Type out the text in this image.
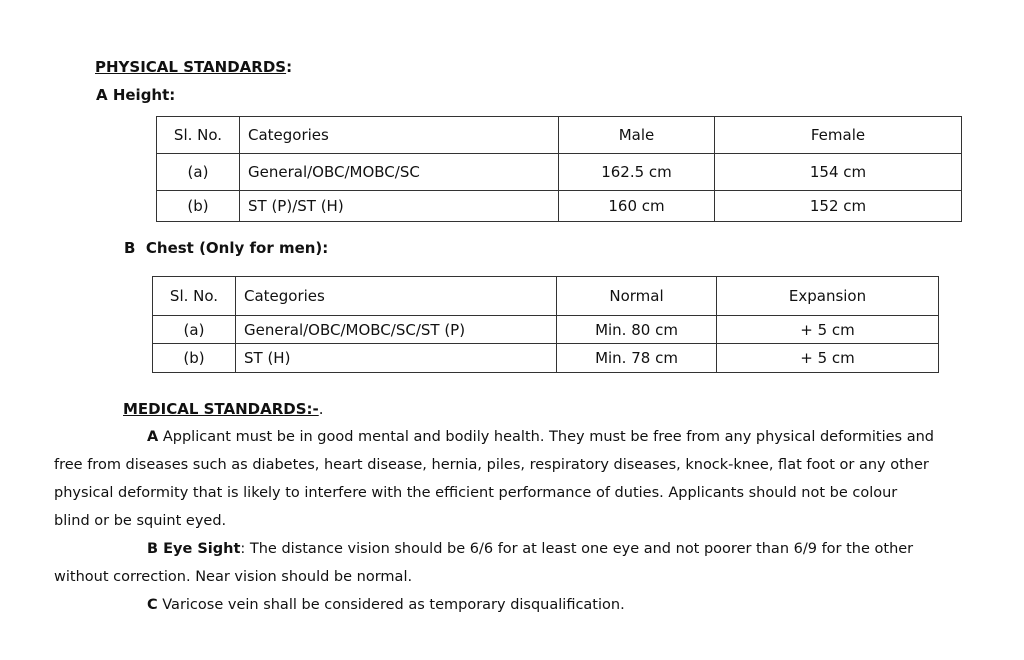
PHYSICAL STANDARDS:
A Height:
Sl. No.	Categories	Male	Female
(a)	General/OBC/MOBC/SC	162.5 cm	154 cm
(b)	ST (P)/ST (H)	160 cm	152 cm
B Chest (Only for men):
Sl. No.	Categories	Normal	Expansion
(a)	General/OBC/MOBC/SC/ST (P)	Min. 80 cm	+ 5 cm
(b)	ST (H)	Min. 78 cm	+ 5 cm
MEDICAL STANDARDS:-.
A Applicant must be in good mental and bodily health. They must be free from any physical deformities and
free from diseases such as diabetes, heart disease, hernia, piles, respiratory diseases, knock-knee, flat foot or any other
physical deformity that is likely to interfere with the efficient performance of duties. Applicants should not be colour
blind or be squint eyed.
B Eye Sight: The distance vision should be 6/6 for at least one eye and not poorer than 6/9 for the other
without correction. Near vision should be normal.
C Varicose vein shall be considered as temporary disqualification.
